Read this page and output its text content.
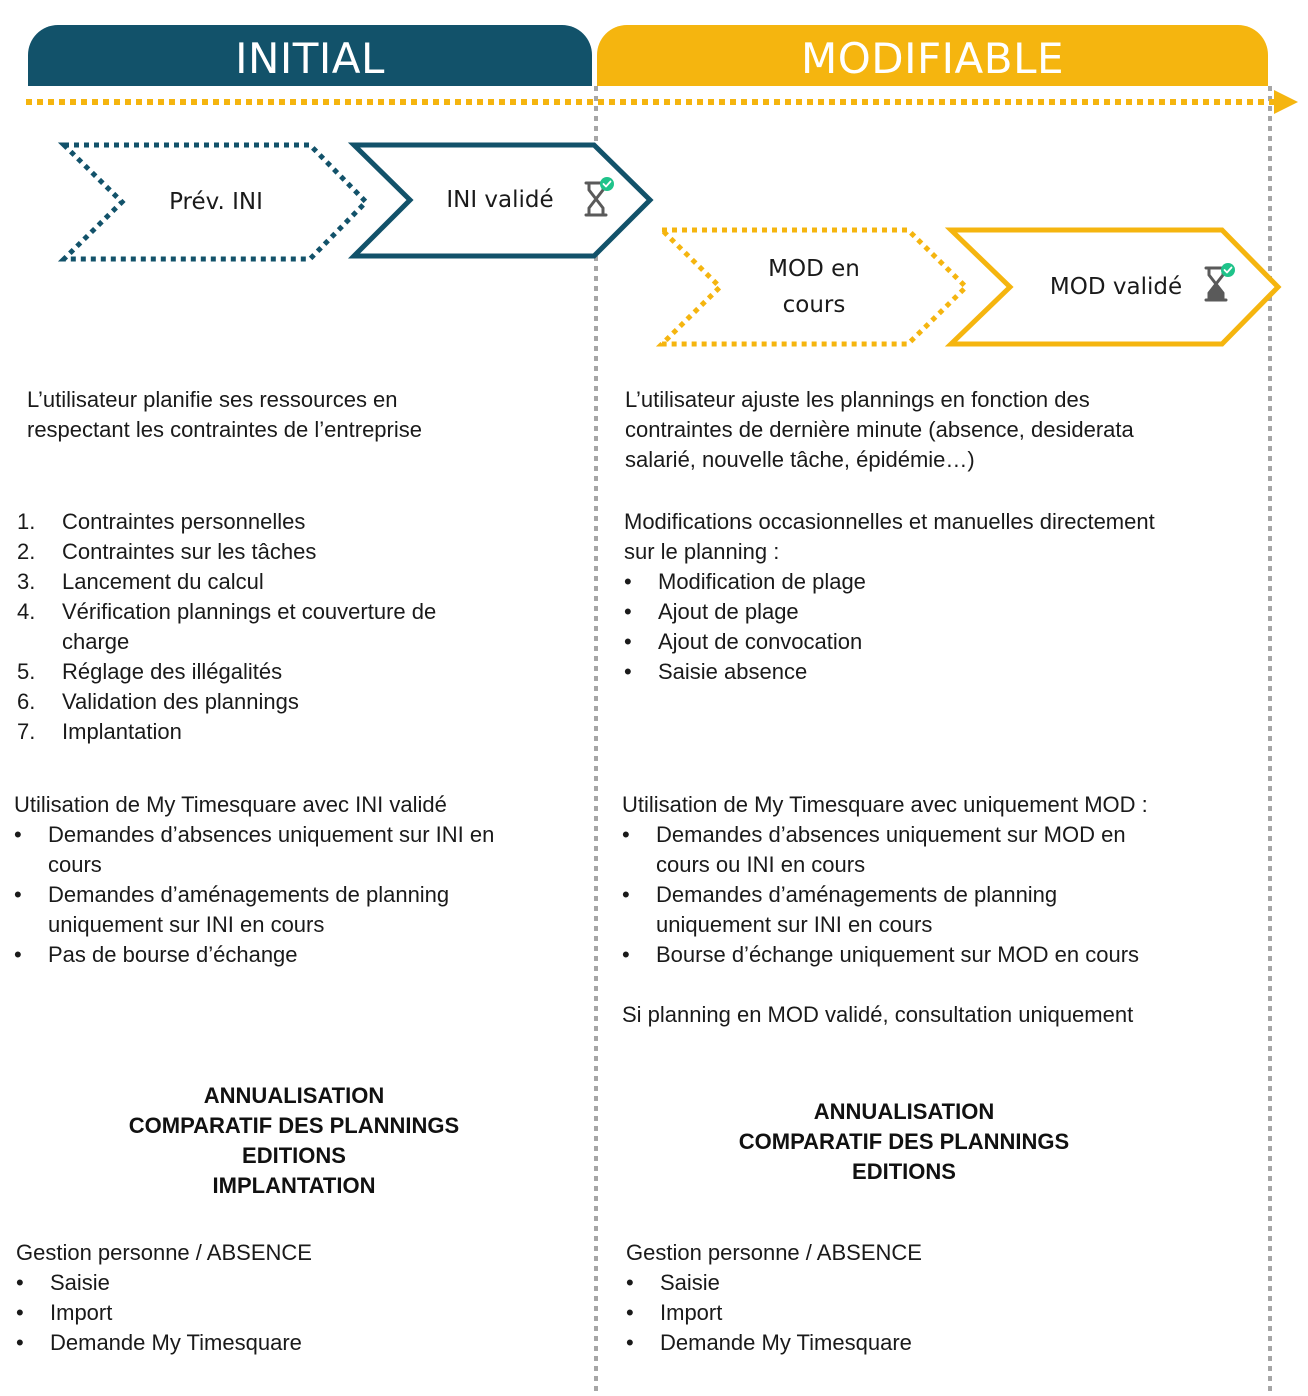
INITIAL	MODIFIABLE
Prév. INI	INI validé
MOD en
cours
MOD validé
L’utilisateur planifie ses ressources en
respectant les contraintes de l’entreprise
1. Contraintes personnelles
2. Contraintes sur les tâches
3. Lancement du calcul
4. Vérification plannings et couverture de
charge
5. Réglage des illégalités
6. Validation des plannings
7. Implantation
Utilisation de My Timesquare avec INI validé
• Demandes d’absences uniquement sur INI en
cours
• Demandes d’aménagements de planning
uniquement sur INI en cours
• Pas de bourse d’échange
ANNUALISATION
COMPARATIF DES PLANNINGS
EDITIONS
IMPLANTATION
Gestion personne / ABSENCE
• Saisie
• Import
• Demande My Timesquare
L’utilisateur ajuste les plannings en fonction des
contraintes de dernière minute (absence, desiderata
salarié, nouvelle tâche, épidémie…)
Modifications occasionnelles et manuelles directement
sur le planning :
• Modification de plage
• Ajout de plage
• Ajout de convocation
• Saisie absence
Utilisation de My Timesquare avec uniquement MOD :
• Demandes d’absences uniquement sur MOD en
cours ou INI en cours
• Demandes d’aménagements de planning
uniquement sur INI en cours
• Bourse d’échange uniquement sur MOD en cours
Si planning en MOD validé, consultation uniquement
ANNUALISATION
COMPARATIF DES PLANNINGS
EDITIONS
Gestion personne / ABSENCE
• Saisie
• Import
• Demande My Timesquare
